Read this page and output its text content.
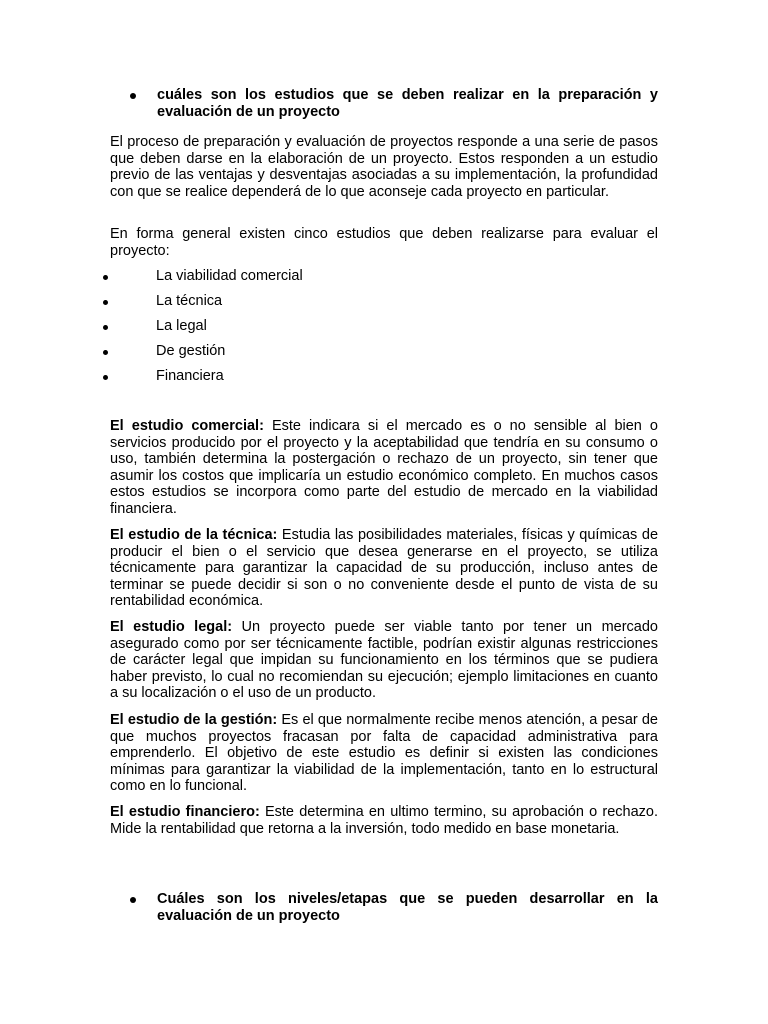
cuáles son los estudios que se deben realizar en la preparación y evaluación de un proyecto
El proceso de preparación y evaluación de proyectos responde a una serie de pasos que deben darse en la elaboración de un proyecto. Estos responden a un estudio previo de las ventajas y desventajas asociadas a su implementación, la profundidad con que se realice dependerá de lo que aconseje cada proyecto en particular.
En forma general existen cinco estudios que deben realizarse para evaluar el proyecto:
La viabilidad comercial
La técnica
La legal
De gestión
Financiera
El estudio comercial: Este indicara si el mercado es o no sensible al bien o servicios producido por el proyecto y la aceptabilidad que tendría en su consumo o uso, también determina la postergación o rechazo de un proyecto, sin tener que asumir los costos que implicaría un estudio económico completo. En muchos casos estos estudios se incorpora como parte del estudio de mercado en la viabilidad financiera.
El estudio de la técnica: Estudia las posibilidades materiales, físicas y químicas de producir el bien o el servicio que desea generarse en el proyecto, se utiliza técnicamente para garantizar la capacidad de su producción, incluso antes de terminar se puede decidir si son o no conveniente desde el punto de vista de su rentabilidad económica.
El estudio legal: Un proyecto puede ser viable tanto por tener un mercado asegurado como por ser técnicamente factible, podrían existir algunas restricciones de carácter legal que impidan su funcionamiento en los términos que se pudiera haber previsto, lo cual no recomiendan su ejecución; ejemplo limitaciones en cuanto a su localización o el uso de un producto.
El estudio de la gestión: Es el que normalmente recibe menos atención, a pesar de que muchos proyectos fracasan por falta de capacidad administrativa para emprenderlo. El objetivo de este estudio es definir si existen las condiciones mínimas para garantizar la viabilidad de la implementación, tanto en lo estructural como en lo funcional.
El estudio financiero: Este determina en ultimo termino, su aprobación o rechazo. Mide la rentabilidad que retorna a la inversión, todo medido en base monetaria.
Cuáles son los niveles/etapas que se pueden desarrollar en la evaluación de un proyecto
